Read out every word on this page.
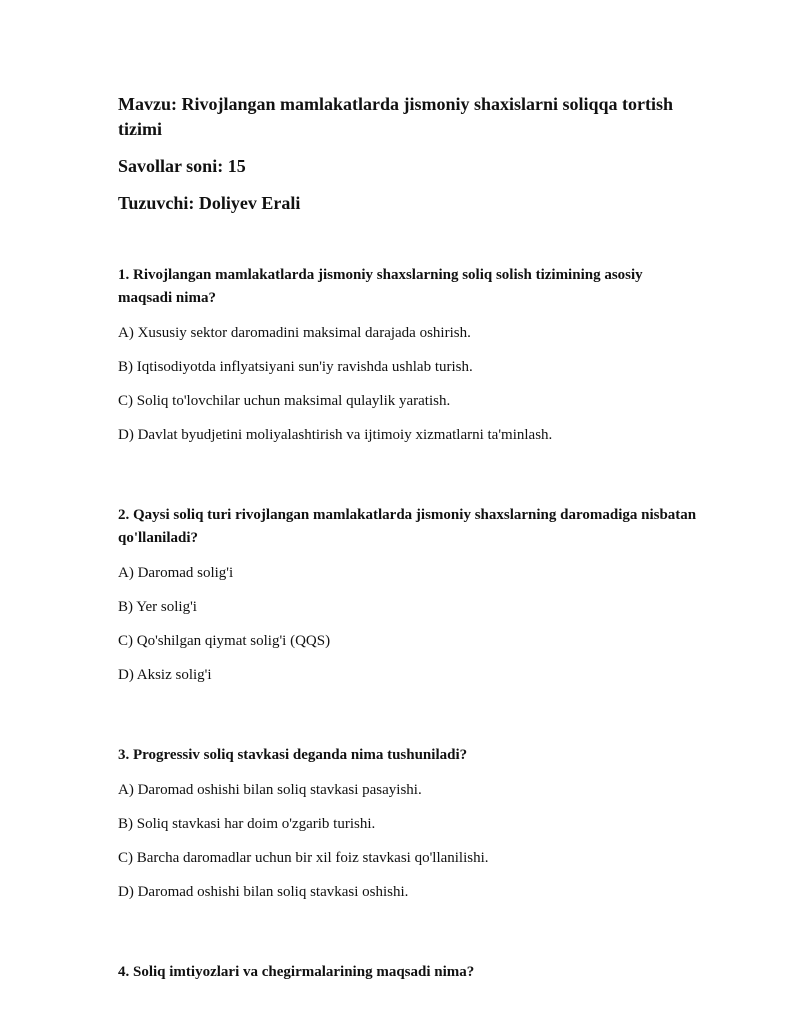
Mavzu: Rivojlangan mamlakatlarda jismoniy shaxislarni soliqqa tortish tizimi

Savollar soni: 15

Tuzuvchi: Doliyev Erali

1. Rivojlangan mamlakatlarda jismoniy shaxslarning soliq solish tizimining asosiy maqsadi nima?

A) Xususiy sektor daromadini maksimal darajada oshirish.

B) Iqtisodiyotda inflyatsiyani sun'iy ravishda ushlab turish.

C) Soliq to'lovchilar uchun maksimal qulaylik yaratish.

D) Davlat byudjetini moliyalashtirish va ijtimoiy xizmatlarni ta'minlash.

2. Qaysi soliq turi rivojlangan mamlakatlarda jismoniy shaxslarning daromadiga nisbatan qo'llaniladi?

A) Daromad solig'i

B) Yer solig'i

C) Qo'shilgan qiymat solig'i (QQS)

D) Aksiz solig'i

3. Progressiv soliq stavkasi deganda nima tushuniladi?

A) Daromad oshishi bilan soliq stavkasi pasayishi.

B) Soliq stavkasi har doim o'zgarib turishi.

C) Barcha daromadlar uchun bir xil foiz stavkasi qo'llanilishi.

D) Daromad oshishi bilan soliq stavkasi oshishi.

4. Soliq imtiyozlari va chegirmalarining maqsadi nima?
